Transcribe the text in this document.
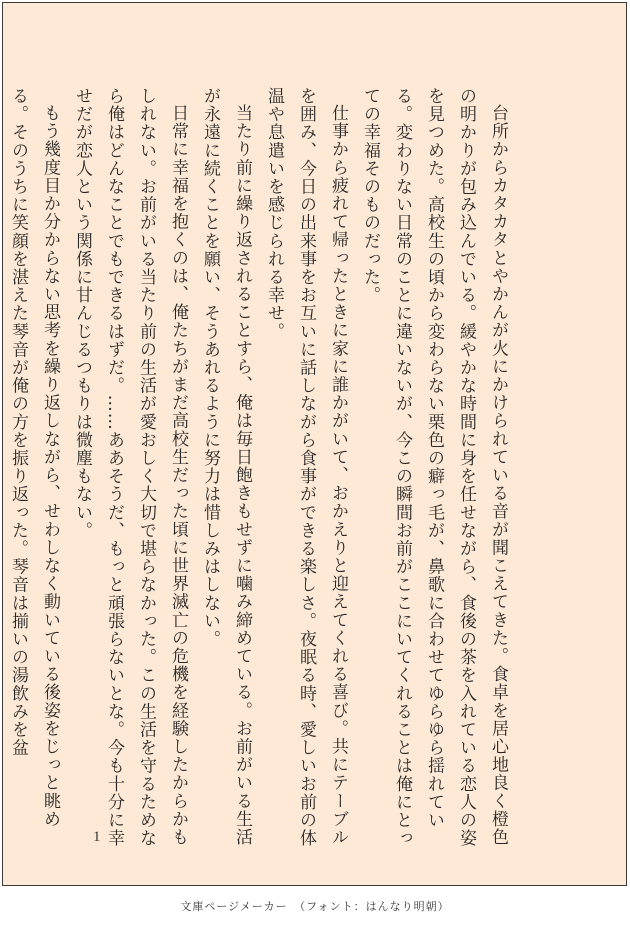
台所からカタカタとやかんが火にかけられている音が聞こえてきた。食卓を居心地良く橙色の明かりが包み込んでいる。緩やかな時間に身を任せながら、食後の茶を入れている恋人の姿を見つめた。高校生の頃から変わらない栗色の癖っ毛が、鼻歌に合わせてゆらゆら揺れている。変わりない日常のことに違いないが、今この瞬間お前がここにいてくれることは俺にとっての幸福そのものだった。

仕事から疲れて帰ったときに家に誰かがいて、おかえりと迎えてくれる喜び。共にテーブルを囲み、今日の出来事をお互いに話しながら食事ができる楽しさ。夜眠る時、愛しいお前の体温や息遣いを感じられる幸せ。

当たり前に繰り返されることすら、俺は毎日飽きもせずに噛み締めている。お前がいる生活が永遠に続くことを願い、そうあれるように努力は惜しみはしない。

日常に幸福を抱くのは、俺たちがまだ高校生だった頃に世界滅亡の危機を経験したからかもしれない。お前がいる当たり前の生活が愛おしく大切で堪らなかった。この生活を守るためなら俺はどんなことでもできるはずだ。……ああそうだ、もっと頑張らないとな。今も十分に幸せだが恋人という関係に甘んじるつもりは微塵もない。

もう幾度目か分からない思考を繰り返しながら、せわしなく動いている後姿をじっと眺める。そのうちに笑顔を湛えた琴音が俺の方を振り返った。琴音は揃いの湯飲みを盆

1
文庫ページメーカー　（フォント：はんなり明朝）
